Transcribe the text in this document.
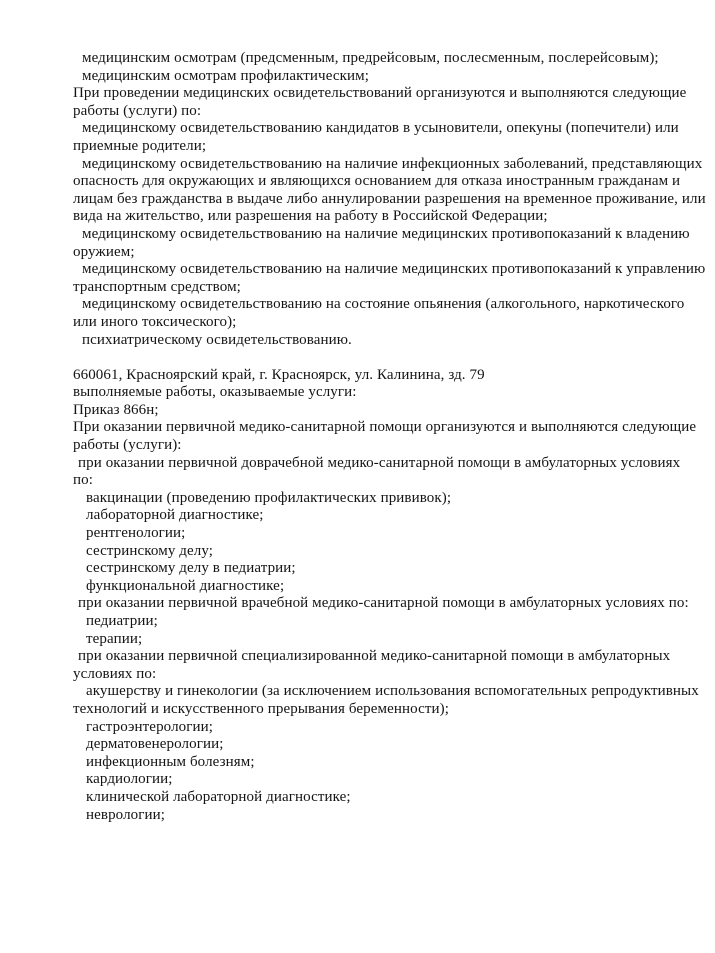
медицинским осмотрам (предсменным, предрейсовым, послесменным, послерейсовым);
медицинским осмотрам профилактическим;
При проведении медицинских освидетельствований организуются и выполняются следующие
работы (услуги) по:
медицинскому освидетельствованию кандидатов в усыновители, опекуны (попечители) или
приемные родители;
медицинскому освидетельствованию на наличие инфекционных заболеваний, представляющих
опасность для окружающих и являющихся основанием для отказа иностранным гражданам и
лицам без гражданства в выдаче либо аннулировании разрешения на временное проживание, или
вида на жительство, или разрешения на работу в Российской Федерации;
медицинскому освидетельствованию на наличие медицинских противопоказаний к владению
оружием;
медицинскому освидетельствованию на наличие медицинских противопоказаний к управлению
транспортным средством;
медицинскому освидетельствованию на состояние опьянения (алкогольного, наркотического
или иного токсического);
психиатрическому освидетельствованию.

660061, Красноярский край, г. Красноярск, ул. Калинина, зд. 79
выполняемые работы, оказываемые услуги:
Приказ 866н;
При оказании первичной медико-санитарной помощи организуются и выполняются следующие
работы (услуги):
при оказании первичной доврачебной медико-санитарной помощи в амбулаторных условиях
по:
вакцинации (проведению профилактических прививок);
лабораторной диагностике;
рентгенологии;
сестринскому делу;
сестринскому делу в педиатрии;
функциональной диагностике;
при оказании первичной врачебной медико-санитарной помощи в амбулаторных условиях по:
педиатрии;
терапии;
при оказании первичной специализированной медико-санитарной помощи в амбулаторных
условиях по:
акушерству и гинекологии (за исключением использования вспомогательных репродуктивных
технологий и искусственного прерывания беременности);
гастроэнтерологии;
дерматовенерологии;
инфекционным болезням;
кардиологии;
клинической лабораторной диагностике;
неврологии;
